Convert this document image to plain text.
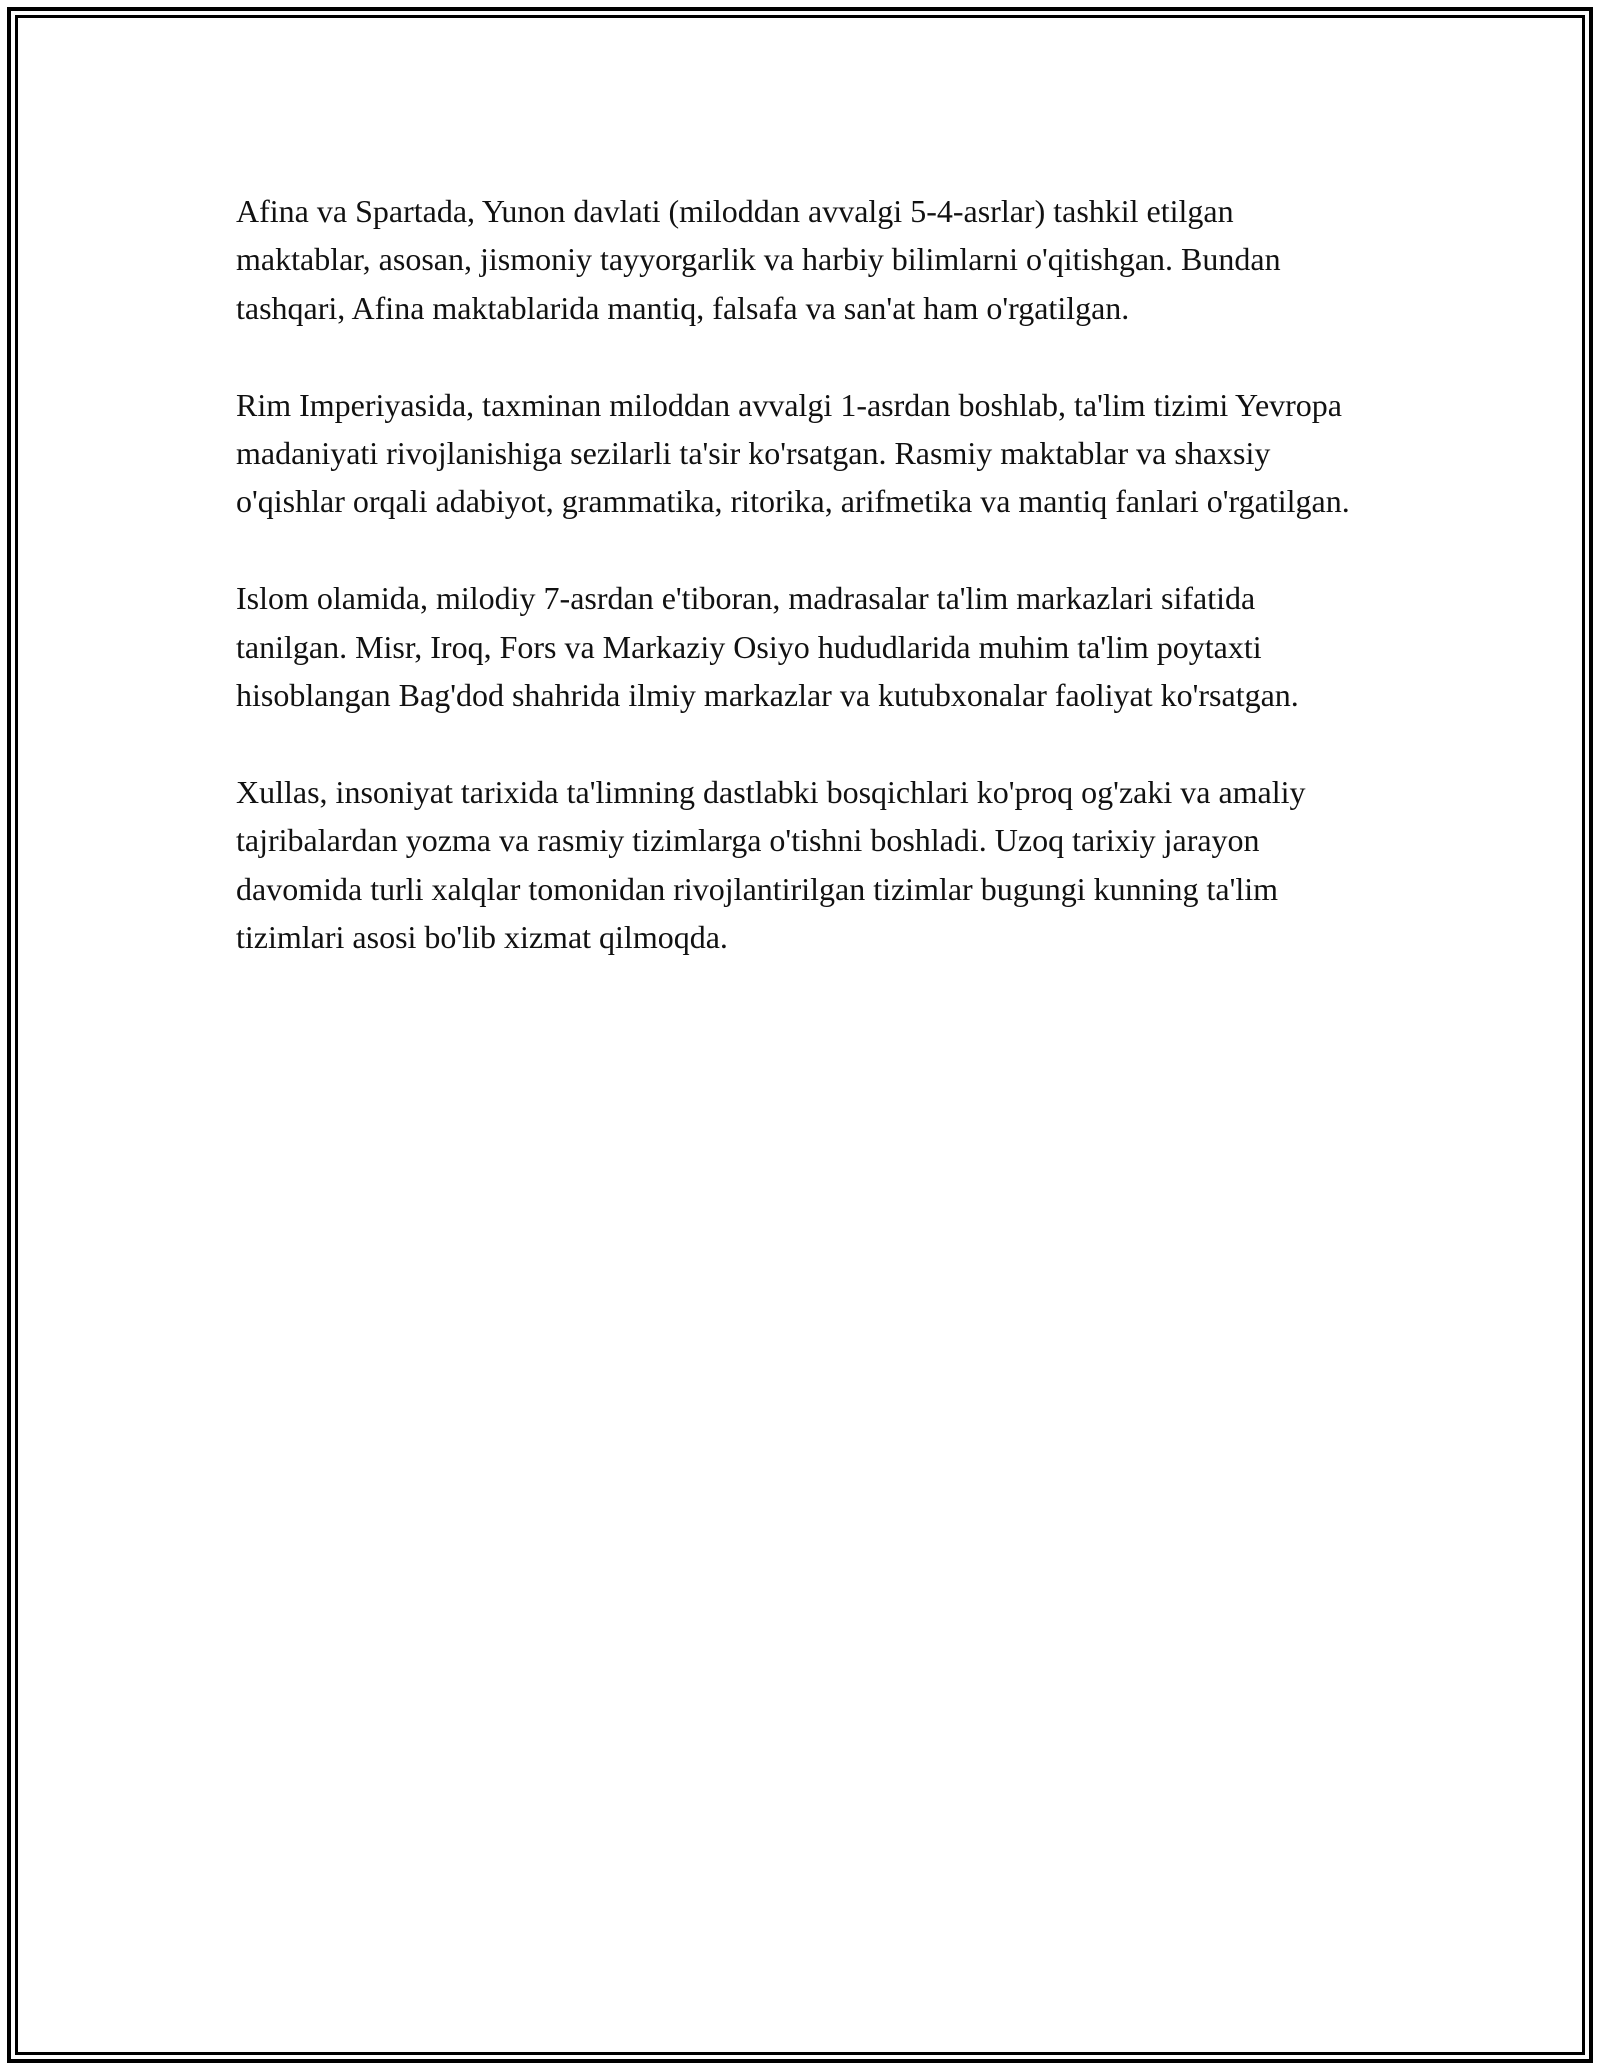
Afina va Spartada, Yunon davlati (miloddan avvalgi 5-4-asrlar) tashkil etilgan maktablar, asosan, jismoniy tayyorgarlik va harbiy bilimlarni o'qitishgan. Bundan tashqari, Afina maktablarida mantiq, falsafa va san'at ham o'rgatilgan.

Rim Imperiyasida, taxminan miloddan avvalgi 1-asrdan boshlab, ta'lim tizimi Yevropa madaniyati rivojlanishiga sezilarli ta'sir ko'rsatgan. Rasmiy maktablar va shaxsiy o'qishlar orqali adabiyot, grammatika, ritorika, arifmetika va mantiq fanlari o'rgatilgan.

Islom olamida, milodiy 7-asrdan e'tiboran, madrasalar ta'lim markazlari sifatida tanilgan. Misr, Iroq, Fors va Markaziy Osiyo hududlarida muhim ta'lim poytaxti hisoblangan Bag'dod shahrida ilmiy markazlar va kutubxonalar faoliyat ko'rsatgan.

Xullas, insoniyat tarixida ta'limning dastlabki bosqichlari ko'proq og'zaki va amaliy tajribalardan yozma va rasmiy tizimlarga o'tishni boshladi. Uzoq tarixiy jarayon davomida turli xalqlar tomonidan rivojlantirilgan tizimlar bugungi kunning ta'lim tizimlari asosi bo'lib xizmat qilmoqda.
